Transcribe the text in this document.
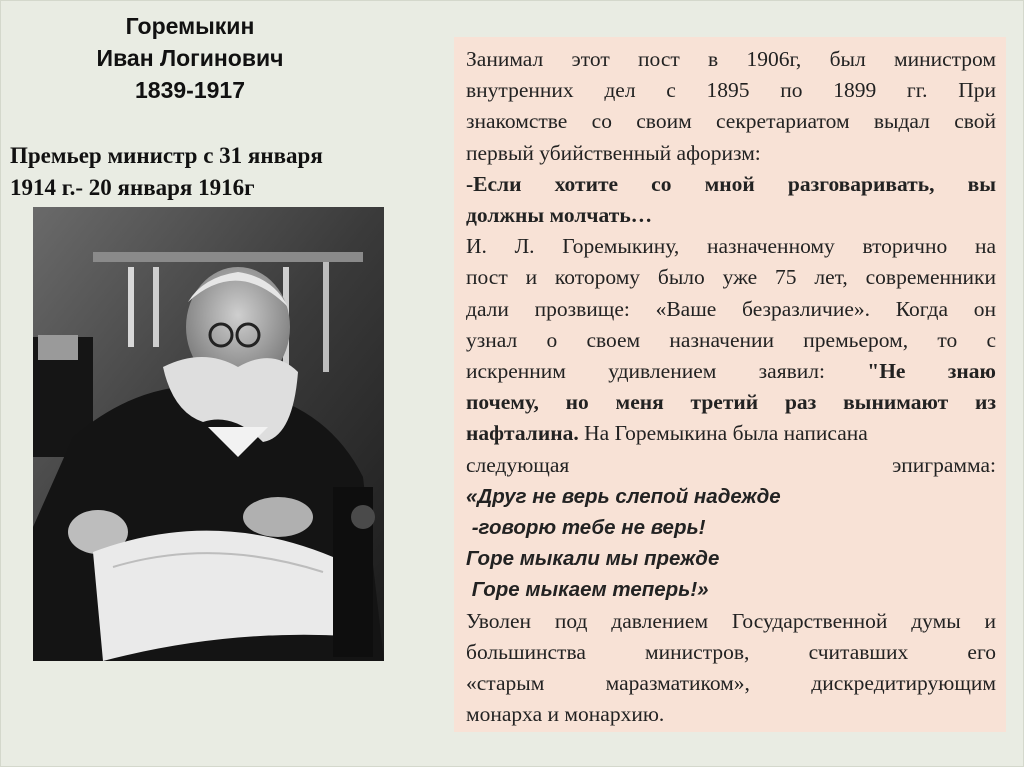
Горемыкин
Иван Логинович
1839-1917
Премьер министр с 31 января
1914 г.- 20 января 1916г
Занимал этот пост в 1906г, был министром
внутренних дел с 1895 по 1899 гг. При
знакомстве со своим секретариатом выдал свой
первый убийственный афоризм:
-Если хотите со мной разговаривать, вы
должны молчать…
И. Л. Горемыкину, назначенному вторично на
пост и которому было уже 75 лет, современники
дали прозвище: «Ваше безразличие». Когда он
узнал о своем назначении премьером, то с
искренним удивлением заявил: "Не знаю
почему, но меня третий раз вынимают из
нафталина. На Горемыкина была написана
следующая эпиграмма:
«Друг не верь слепой надежде
-говорю тебе не верь!
Горе мыкали мы прежде
Горе мыкаем теперь!»
Уволен под давлением Государственной думы и
большинства министров, считавших его
«старым маразматиком», дискредитирующим
монарха и монархию.
